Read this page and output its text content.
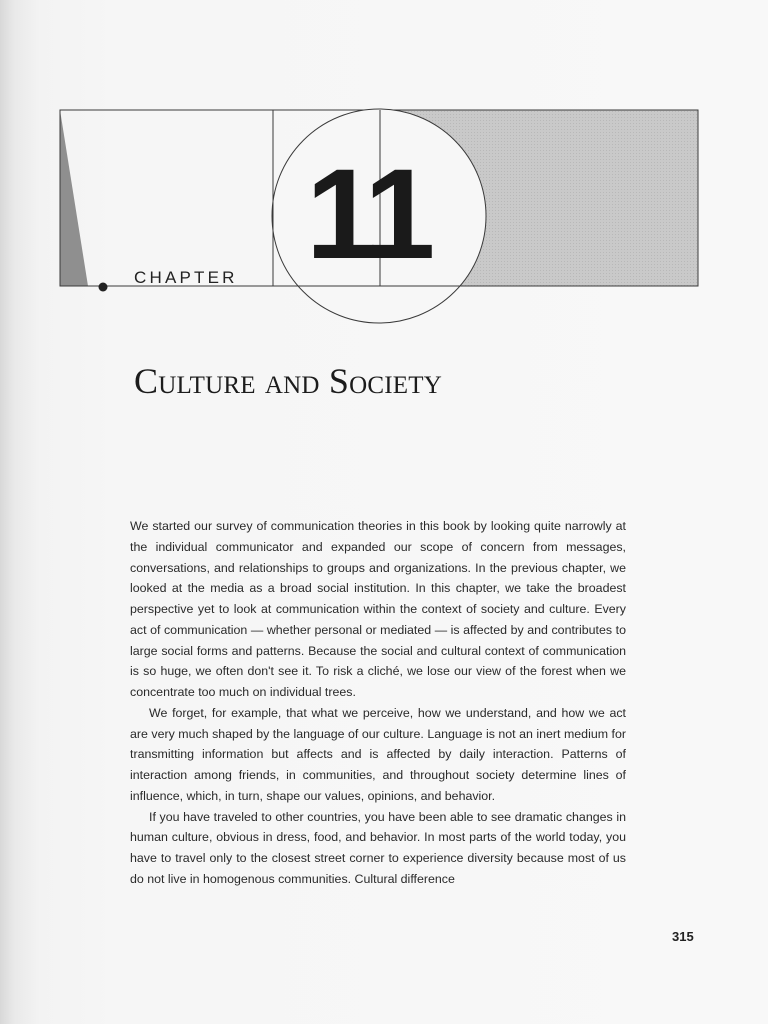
CHAPTER 11
Culture and Society

We started our survey of communication theories in this book by looking quite narrowly at the individual communicator and expanded our scope of concern from messages, conversations, and relationships to groups and organizations. In the previous chapter, we looked at the media as a broad social institution. In this chapter, we take the broadest perspective yet to look at communication within the context of society and culture. Every act of communication — whether personal or mediated — is affected by and contributes to large social forms and patterns. Because the social and cultural context of communication is so huge, we often don't see it. To risk a cliché, we lose our view of the forest when we concentrate too much on individual trees.

We forget, for example, that what we perceive, how we understand, and how we act are very much shaped by the language of our culture. Language is not an inert medium for transmitting information but affects and is affected by daily interaction. Patterns of interaction among friends, in communities, and throughout society determine lines of influence, which, in turn, shape our values, opinions, and behavior.

If you have traveled to other countries, you have been able to see dramatic changes in human culture, obvious in dress, food, and behavior. In most parts of the world today, you have to travel only to the closest street corner to experience diversity because most of us do not live in homogenous communities. Cultural difference

315
